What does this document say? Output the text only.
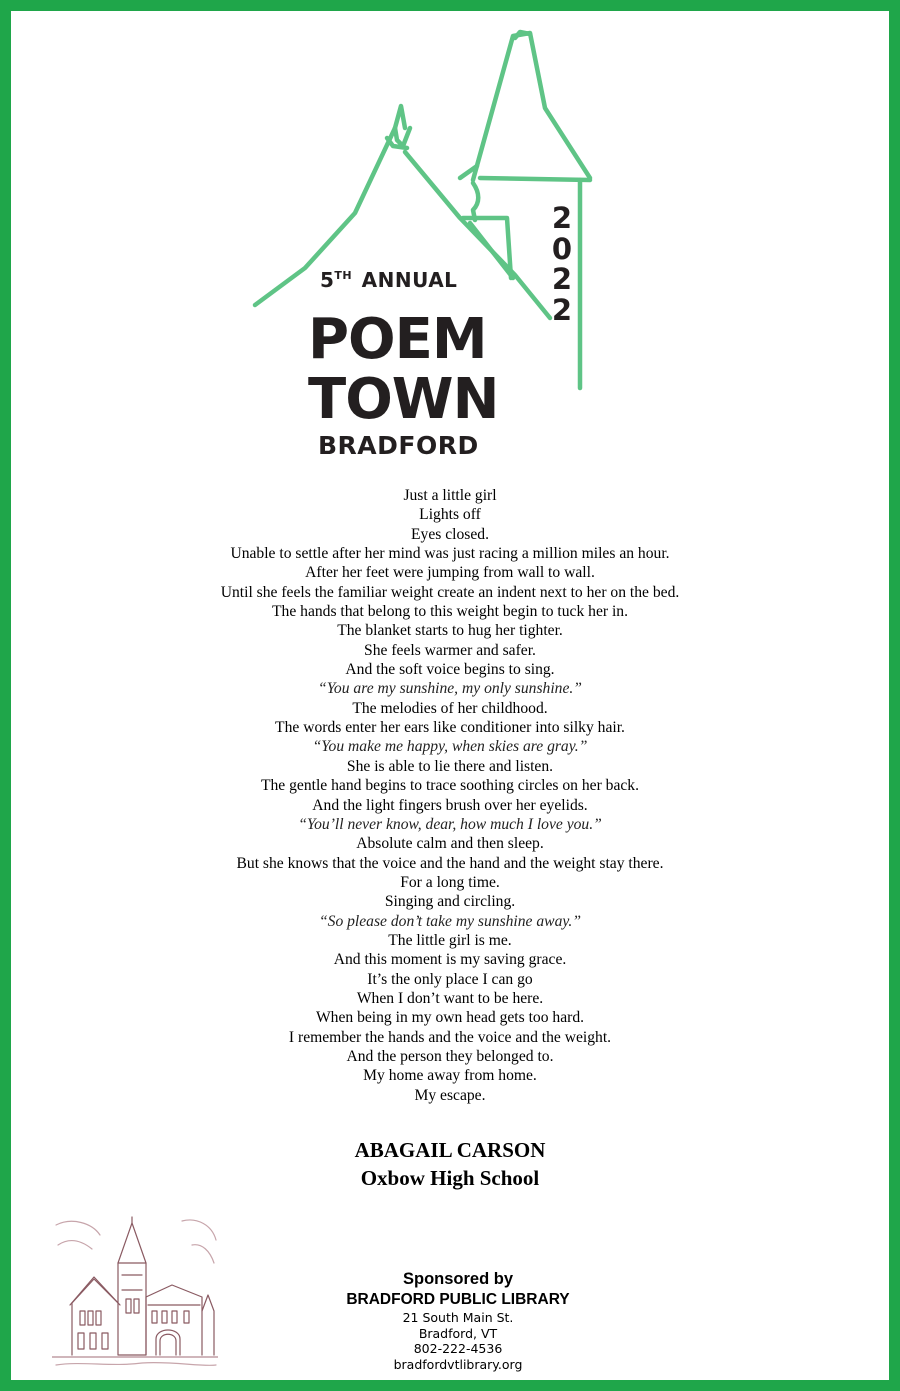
5TH ANNUAL
POEM
TOWN
BRADFORD
2
0
2
2
Just a little girl
Lights off
Eyes closed.
Unable to settle after her mind was just racing a million miles an hour.
After her feet were jumping from wall to wall.
Until she feels the familiar weight create an indent next to her on the bed.
The hands that belong to this weight begin to tuck her in.
The blanket starts to hug her tighter.
She feels warmer and safer.
And the soft voice begins to sing.
“You are my sunshine, my only sunshine.”
The melodies of her childhood.
The words enter her ears like conditioner into silky hair.
“You make me happy, when skies are gray.”
She is able to lie there and listen.
The gentle hand begins to trace soothing circles on her back.
And the light fingers brush over her eyelids.
“You’ll never know, dear, how much I love you.”
Absolute calm and then sleep.
But she knows that the voice and the hand and the weight stay there.
For a long time.
Singing and circling.
“So please don’t take my sunshine away.”
The little girl is me.
And this moment is my saving grace.
It’s the only place I can go
When I don’t want to be here.
When being in my own head gets too hard.
I remember the hands and the voice and the weight.
And the person they belonged to.
My home away from home.
My escape.
ABAGAIL CARSON
Oxbow High School
Sponsored by
BRADFORD PUBLIC LIBRARY
21 South Main St.
Bradford, VT
802-222-4536
bradfordvtlibrary.org
